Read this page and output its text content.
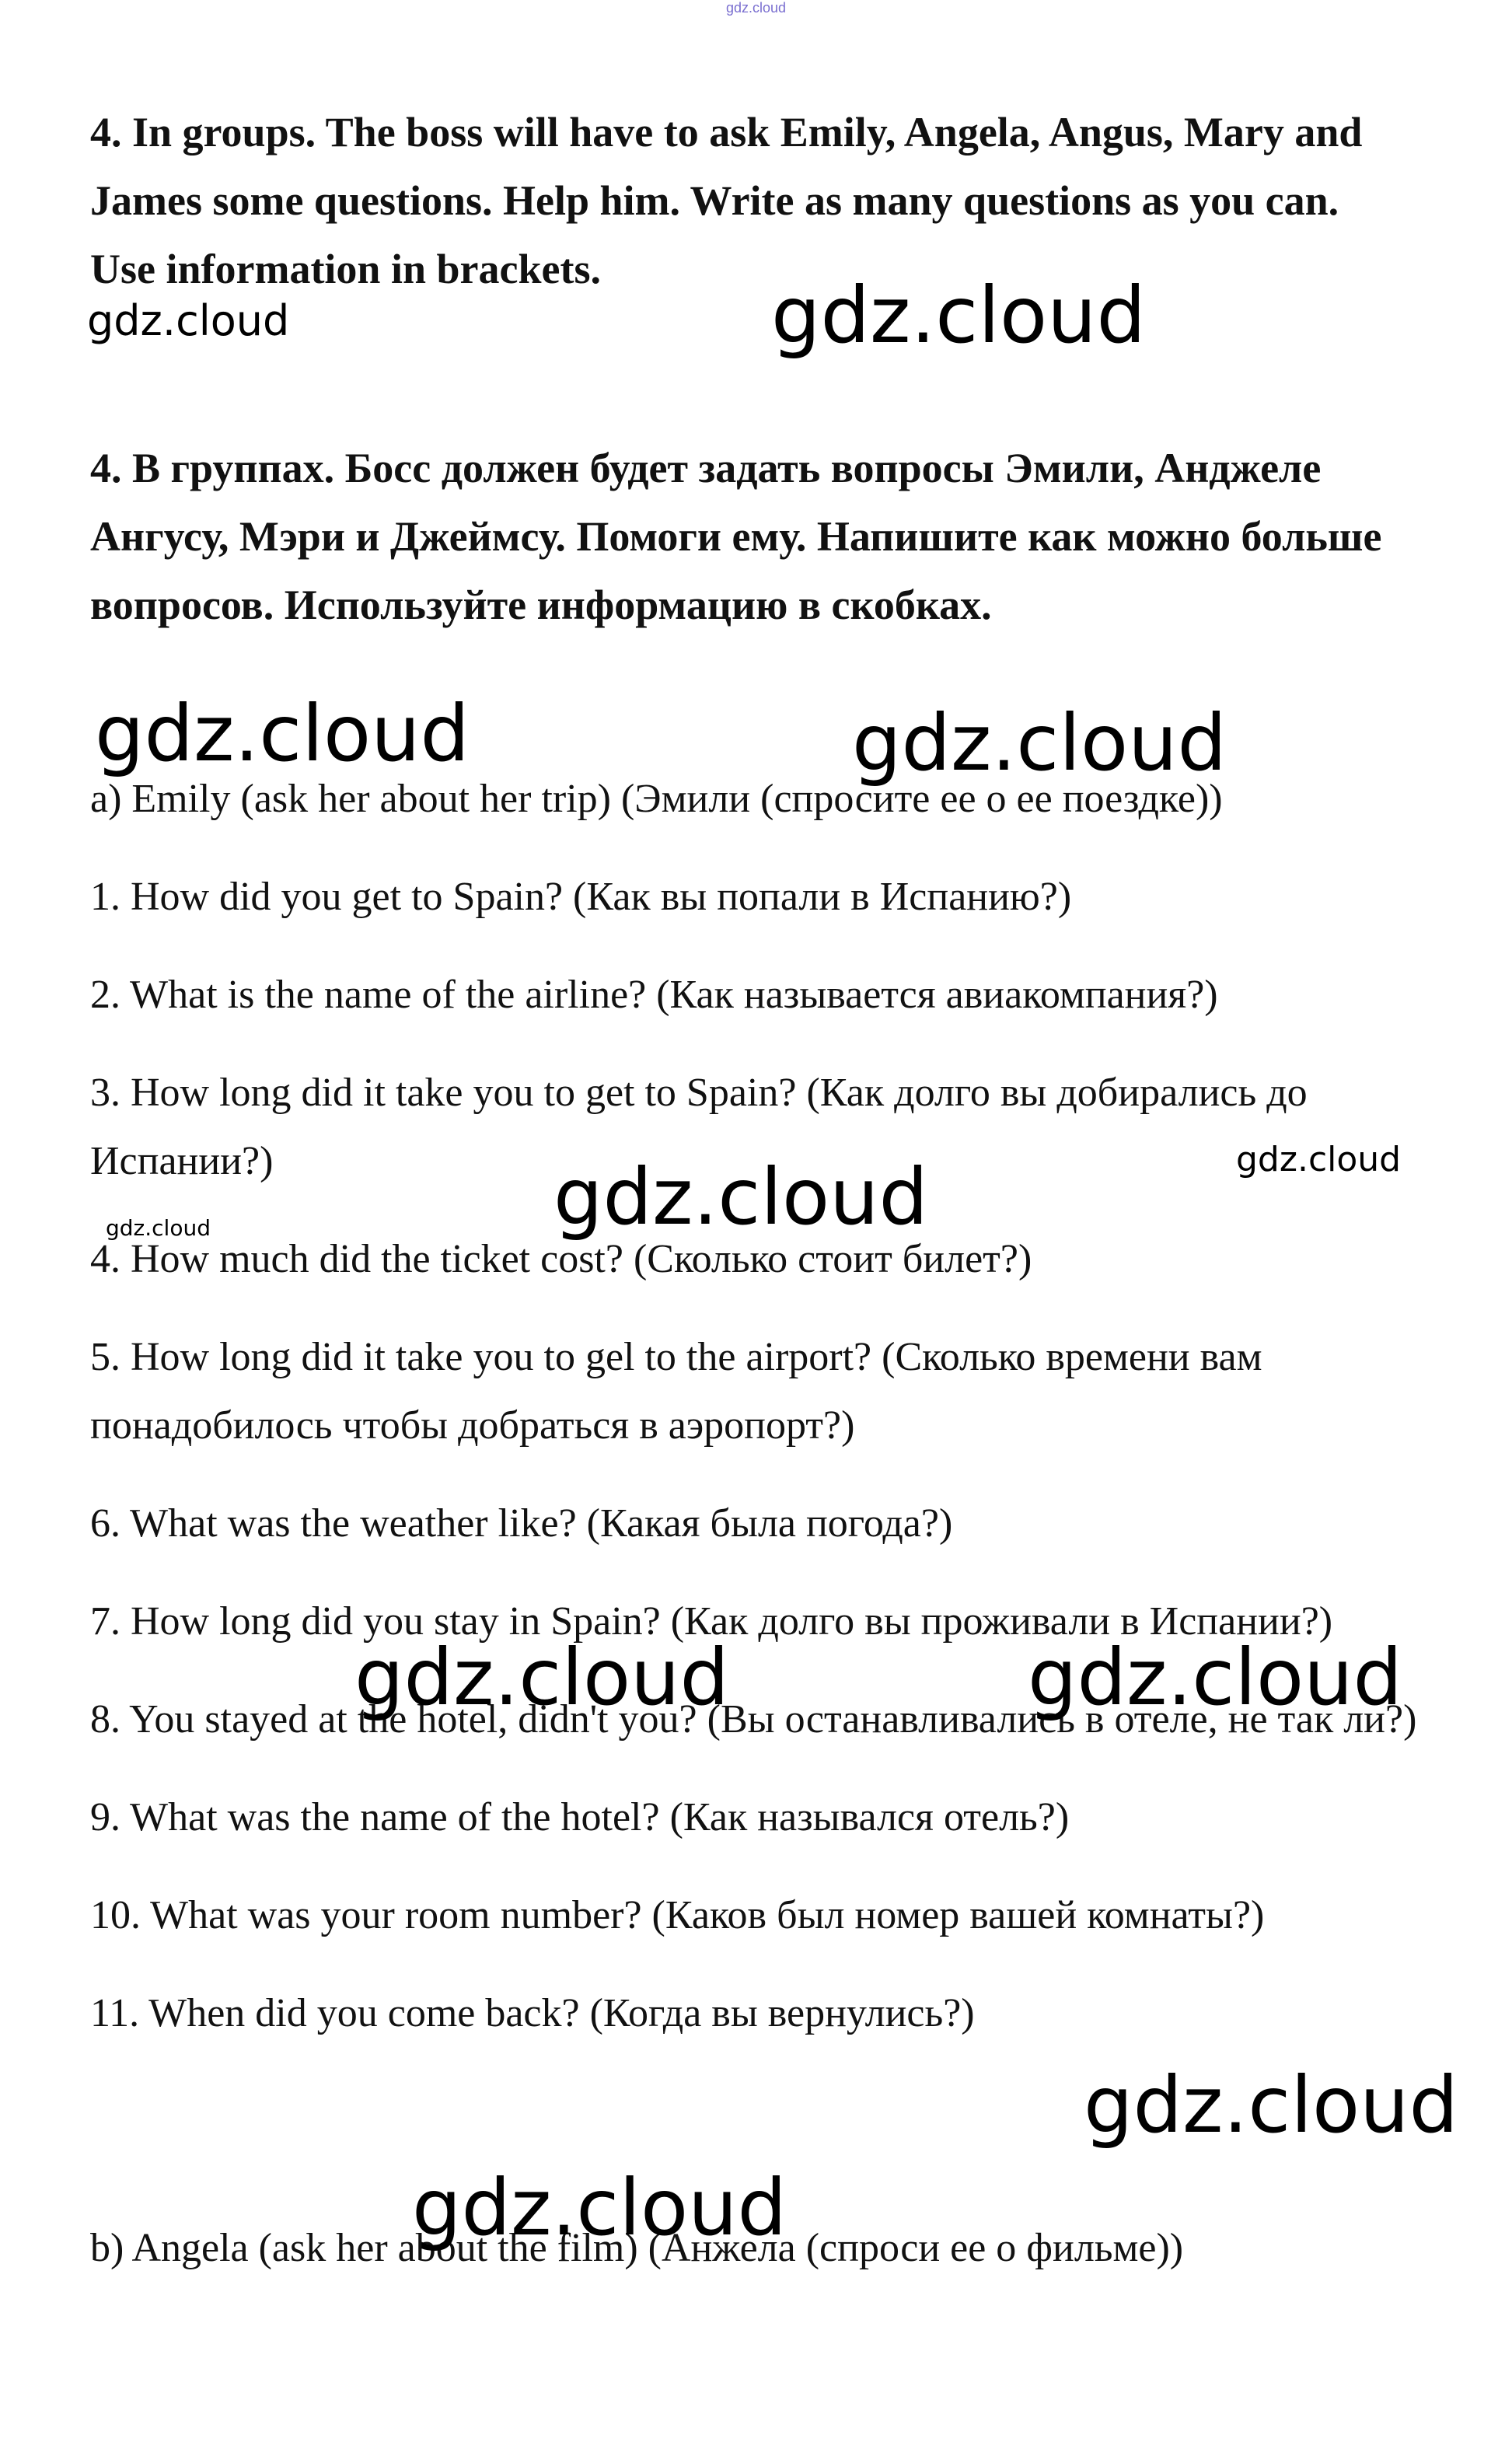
gdz.cloud

4. In groups. The boss will have to ask Emily, Angela, Angus, Mary and James some questions. Help him. Write as many questions as you can. Use information in brackets.

4. В группах. Босс должен будет задать вопросы Эмили, Анджеле Ангусу, Мэри и Джеймсу. Помоги ему. Напишите как можно больше вопросов. Используйте информацию в скобках.

a) Emily (ask her about her trip) (Эмили (спросите ее о ее поездке))

1. How did you get to Spain? (Как вы попали в Испанию?)

2. What is the name of the airline? (Как называется авиакомпания?)

3. How long did it take you to get to Spain? (Как долго вы добирались до Испании?)

4. How much did the ticket cost? (Сколько стоит билет?)

5. How long did it take you to gel to the airport? (Сколько времени вам понадобилось чтобы добраться в аэропорт?)

6. What was the weather like? (Какая была погода?)

7. How long did you stay in Spain? (Как долго вы проживали в Испании?)

8. You stayed at the hotel, didn't you? (Вы останавливались в отеле, не так ли?)

9. What was the name of the hotel? (Как назывался отель?)

10. What was your room number? (Каков был номер вашей комнаты?)

11. When did you come back? (Когда вы вернулись?)

b) Angela (ask her about the film) (Анжела (спроси ее о фильме))

gdz.cloud	gdz.cloud
gdz.cloud	gdz.cloud
gdz.cloud
gdz.cloud
gdz.cloud
gdz.cloud	gdz.cloud
gdz.cloud
gdz.cloud
